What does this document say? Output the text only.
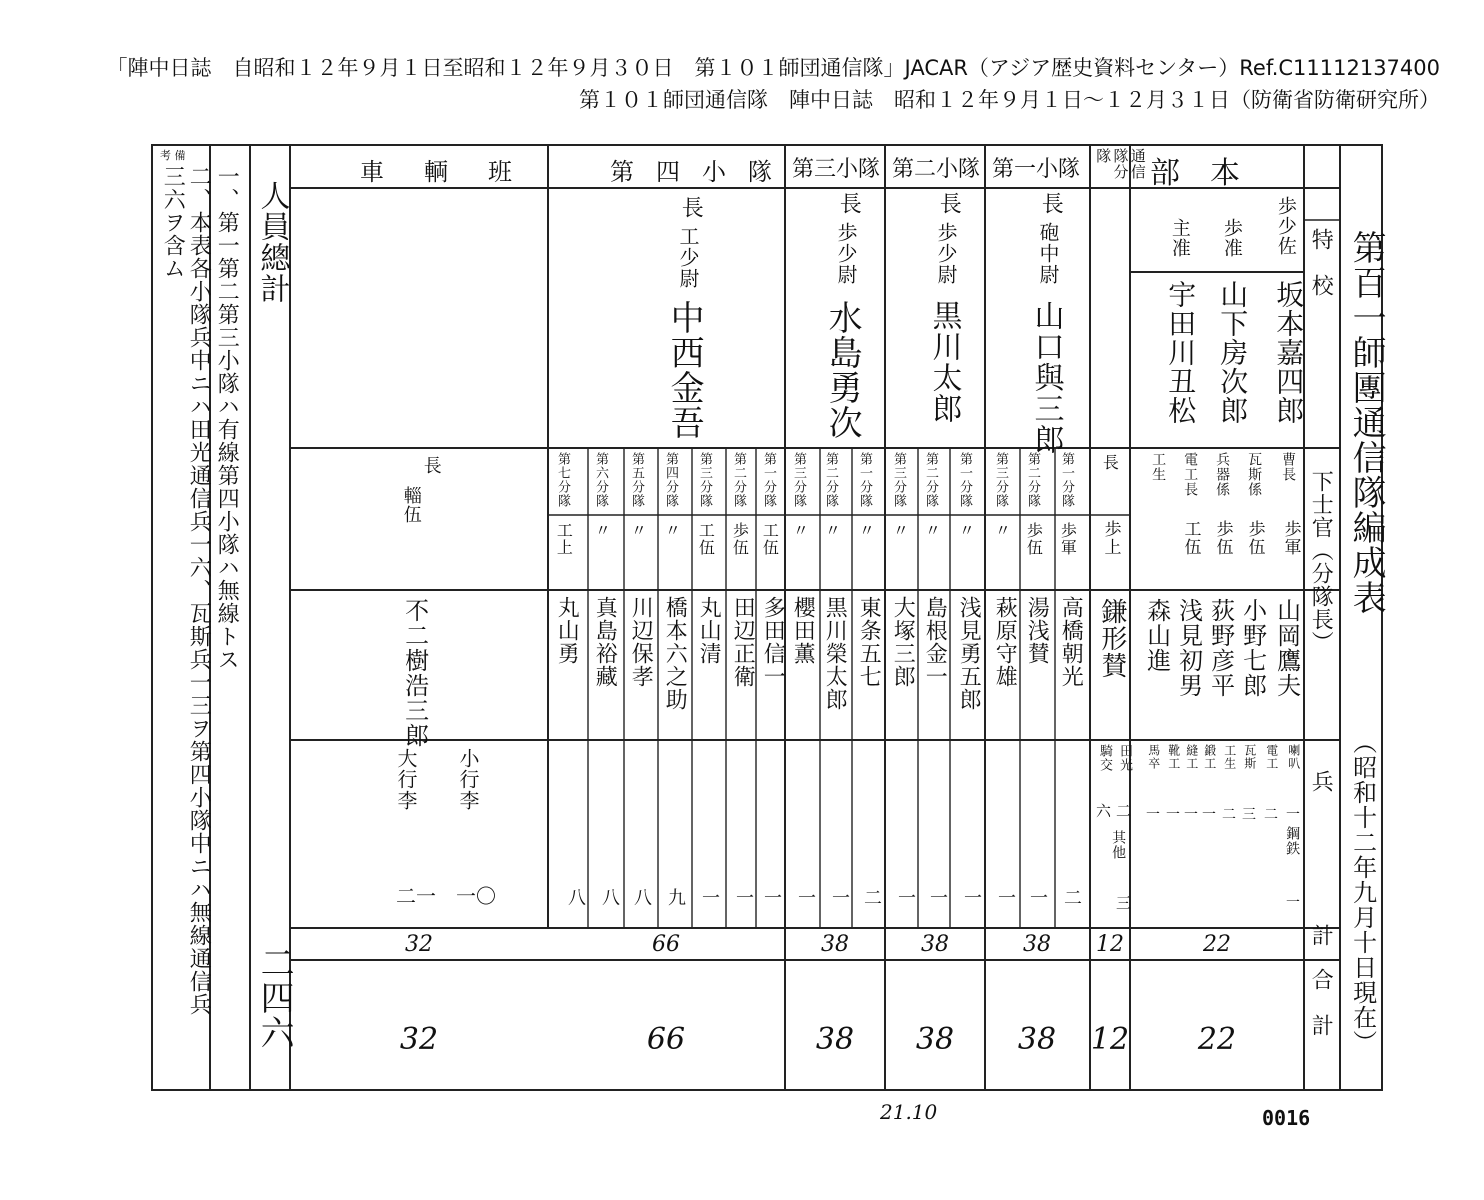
「陣中日誌　自昭和１２年９月１日至昭和１２年９月３０日　第１０１師団通信隊」JACAR（アジア歴史資料センター）Ref.C11112137400
第１０１師団通信隊　陣中日誌　昭和１２年９月１日～１２月３１日（防衛省防衛研究所）
第百一師團通信隊編成表
（昭和十二年九月十日現在）
考 備
一、第一第二第三小隊ハ有線第四小隊ハ無線トス
二、本表各小隊兵中ニハ田光通信兵一六、瓦斯兵一三ヲ第四小隊中ニハ無線通信兵
三六ヲ含ム 人員總計
二四六
特　校
下士官（分隊長）
兵
計
合　計
部　本
通信隊分隊
第一小隊
第二小隊
第三小隊
第四小隊
車輌班
歩少佐
坂本嘉四郎
歩准
山下房次郎
主准
宇田川丑松
長
砲中尉
山口與三郎
長
歩少尉
黒川太郎
長
歩少尉
水島勇次
長
工少尉
中西金吾
曹長
歩軍
山岡鷹夫
瓦斯係
歩伍
小野七郎
兵器係
歩伍
荻野彦平
電工長
工伍
浅見初男
工生
森山進
長
歩上
鎌形賛
第一分隊
歩軍
高橋朝光
第二分隊
歩伍
湯浅賛
第三分隊
〃
萩原守雄
第一分隊
〃
浅見勇五郎
第二分隊
〃
島根金一
第三分隊
〃
大塚三郎
第一分隊
〃
東条五七
第二分隊
〃
黒川榮太郎
第三分隊
〃
櫻田薫
第一分隊
工伍
多田信一
第二分隊
歩伍
田辺正衛
第三分隊
工伍
丸山清
第四分隊
〃
橋本六之助
第五分隊
〃
川辺保孝
第六分隊
〃
真島裕藏
第七分隊
工上
丸山勇
二
一
一
一
一
一
二
一
一
一
一
一
九
八
八
八
長
輜伍
不二樹浩三郎
喇叭
一
電工
二
瓦斯
三
工生
二
鍛工
一
縫工
一
靴工
一
馬卒
一
鋼鉄
一
田光
二
騎交
六
其他
三
小行李
一〇
大行李
二一
22
12
38
38
38
66
32
22
12
38
38
38
66
32
21.10	0016
